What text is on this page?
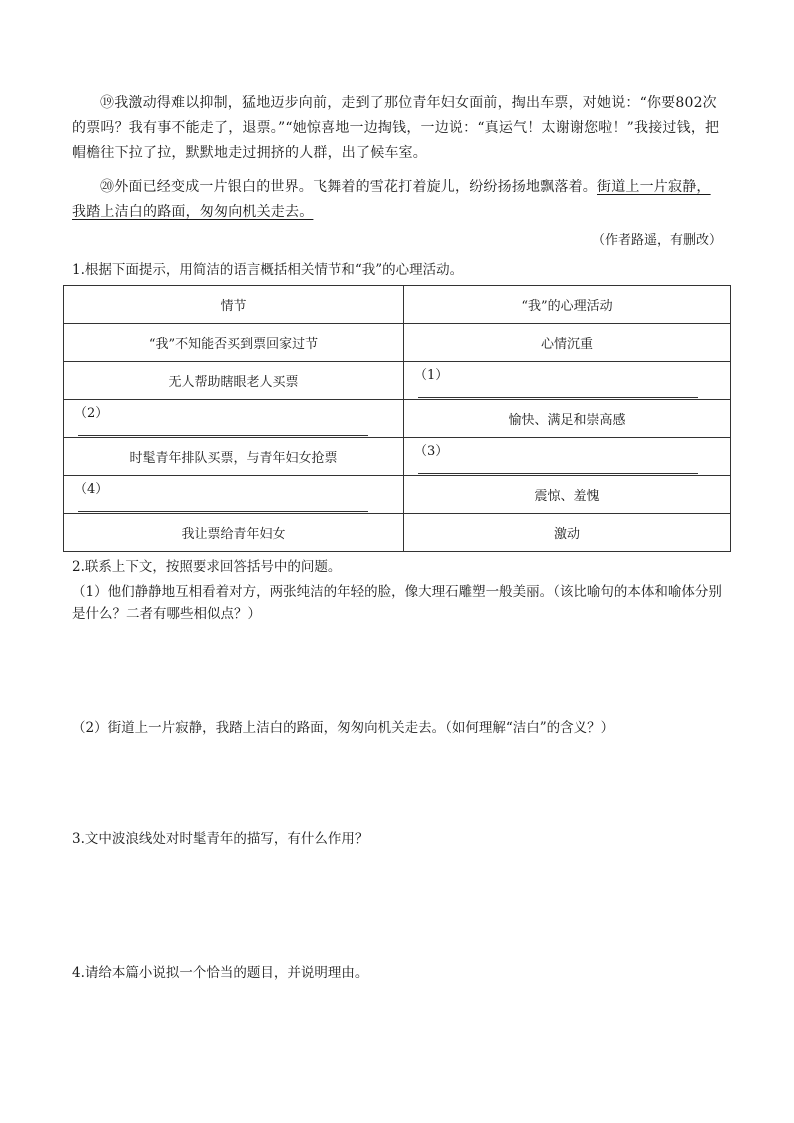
⑲我激动得难以抑制，猛地迈步向前，走到了那位青年妇女面前，掏出车票，对她说：“你要802次的票吗？我有事不能走了，退票。”“她惊喜地一边掏钱，一边说：“真运气！太谢谢您啦！”我接过钱，把帽檐往下拉了拉，默默地走过拥挤的人群，出了候车室。

⑳外面已经变成一片银白的世界。飞舞着的雪花打着旋儿，纷纷扬扬地飘落着。街道上一片寂静，我踏上洁白的路面，匆匆向机关走去。

（作者路遥，有删改）

1.根据下面提示，用简洁的语言概括相关情节和“我”的心理活动。

情节	“我”的心理活动
“我”不知能否买到票回家过节	心情沉重
无人帮助瞎眼老人买票	（1）
（2）	愉快、满足和崇高感
时髦青年排队买票，与青年妇女抢票	（3）
（4）	震惊、羞愧
我让票给青年妇女	激动

2.联系上下文，按照要求回答括号中的问题。

（1）他们静静地互相看着对方，两张纯洁的年轻的脸，像大理石雕塑一般美丽。（该比喻句的本体和喻体分别是什么？二者有哪些相似点？）

（2）街道上一片寂静，我踏上洁白的路面，匆匆向机关走去。（如何理解“洁白”的含义？）

3.文中波浪线处对时髦青年的描写，有什么作用？

4.请给本篇小说拟一个恰当的题目，并说明理由。
